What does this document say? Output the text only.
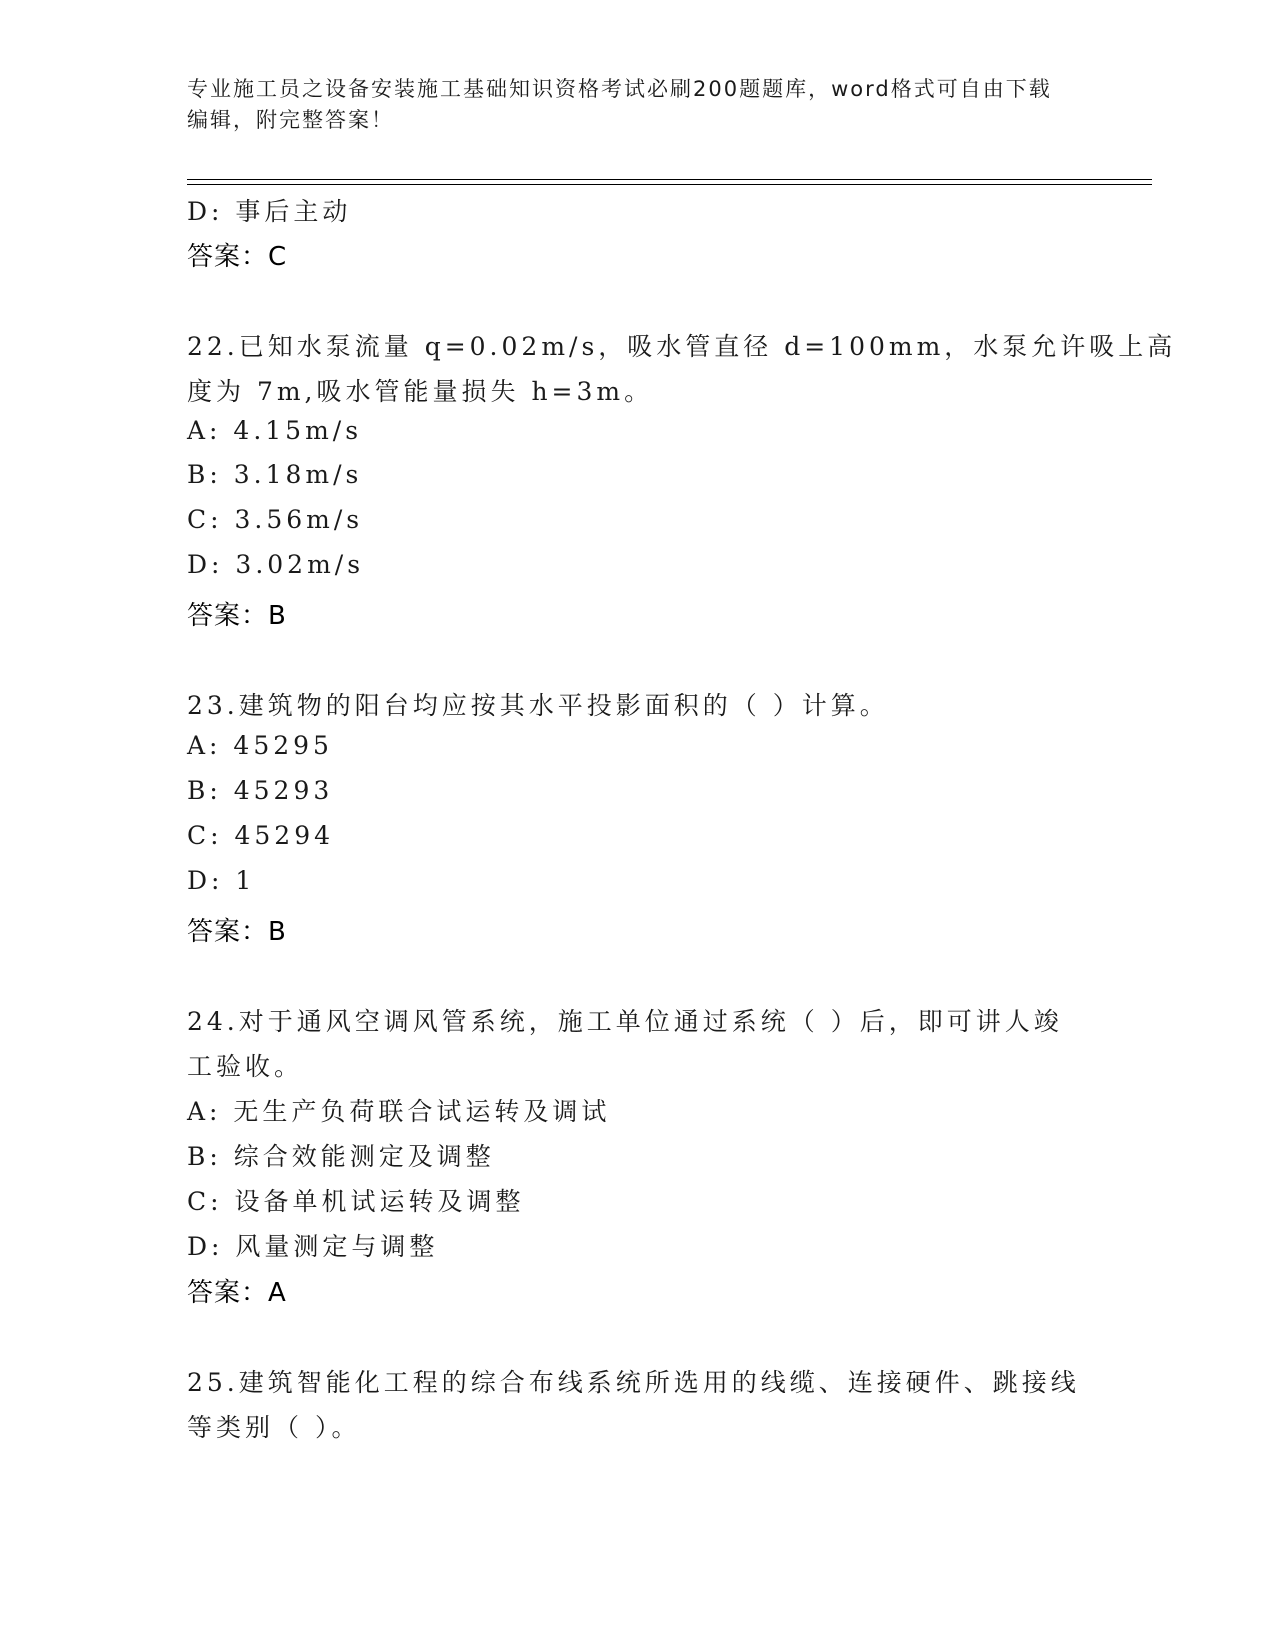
专业施工员之设备安装施工基础知识资格考试必刷200题题库，word格式可自由下载编辑，附完整答案！
D: 事后主动
答案：C
22.已知水泵流量 q=0.02m/s，吸水管直径 d=100mm，水泵允许吸上高
度为 7m,吸水管能量损失 h=3m。
A: 4.15m/s
B: 3.18m/s
C: 3.56m/s
D: 3.02m/s
答案：B
23.建筑物的阳台均应按其水平投影面积的（ ）计算。
A: 45295
B: 45293
C: 45294
D: 1
答案：B
24.对于通风空调风管系统，施工单位通过系统（ ）后，即可讲人竣
工验收。
A: 无生产负荷联合试运转及调试
B: 综合效能测定及调整
C: 设备单机试运转及调整
D: 风量测定与调整
答案：A
25.建筑智能化工程的综合布线系统所选用的线缆、连接硬件、跳接线
等类别（ ）。
